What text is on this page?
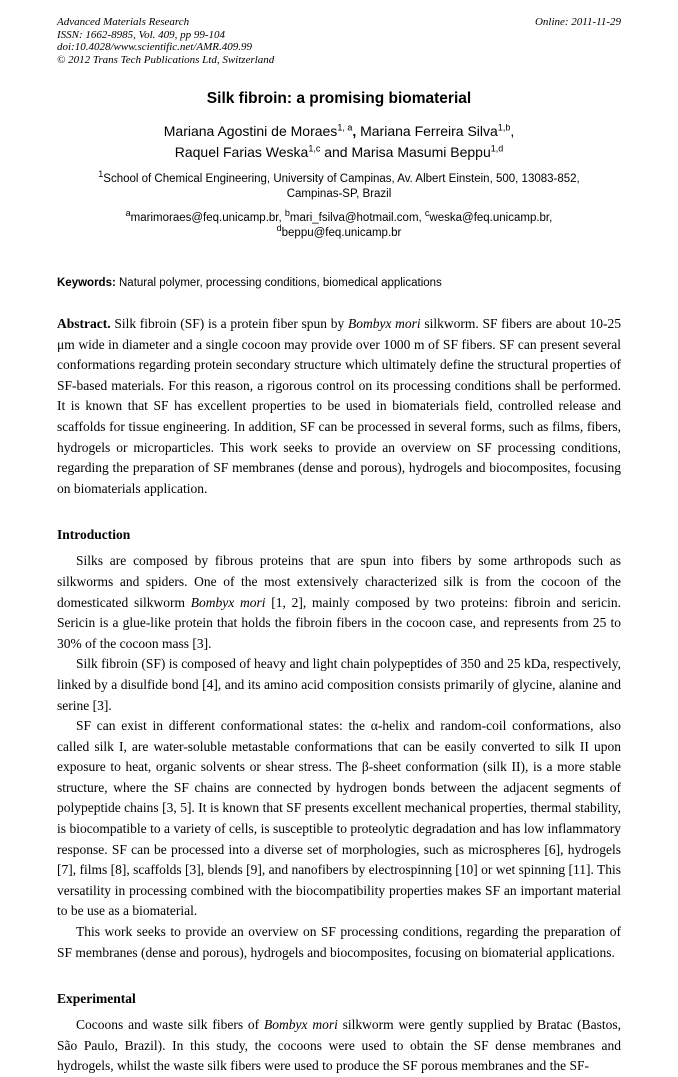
Advanced Materials Research
ISSN: 1662-8985, Vol. 409, pp 99-104
doi:10.4028/www.scientific.net/AMR.409.99
© 2012 Trans Tech Publications Ltd, Switzerland
Online: 2011-11-29
Silk fibroin: a promising biomaterial
Mariana Agostini de Moraes$^{1, a}$, Mariana Ferreira Silva$^{1,b}$,
Raquel Farias Weska$^{1,c}$ and Marisa Masumi Beppu$^{1,d}$
$^1$School of Chemical Engineering, University of Campinas, Av. Albert Einstein, 500, 13083-852,
Campinas-SP, Brazil
$^a$marimoraes@feq.unicamp.br, $^b$mari_fsilva@hotmail.com, $^c$weska@feq.unicamp.br,
$^d$beppu@feq.unicamp.br
Keywords: Natural polymer, processing conditions, biomedical applications
Abstract. Silk fibroin (SF) is a protein fiber spun by Bombyx mori silkworm. SF fibers are about 10-25 μm wide in diameter and a single cocoon may provide over 1000 m of SF fibers. SF can present several conformations regarding protein secondary structure which ultimately define the structural properties of SF-based materials. For this reason, a rigorous control on its processing conditions shall be performed. It is known that SF has excellent properties to be used in biomaterials field, controlled release and scaffolds for tissue engineering. In addition, SF can be processed in several forms, such as films, fibers, hydrogels or microparticles. This work seeks to provide an overview on SF processing conditions, regarding the preparation of SF membranes (dense and porous), hydrogels and biocomposites, focusing on biomaterials application.
Introduction

Silks are composed by fibrous proteins that are spun into fibers by some arthropods such as silkworms and spiders. One of the most extensively characterized silk is from the cocoon of the domesticated silkworm Bombyx mori [1, 2], mainly composed by two proteins: fibroin and sericin. Sericin is a glue-like protein that holds the fibroin fibers in the cocoon case, and represents from 25 to 30% of the cocoon mass [3].

Silk fibroin (SF) is composed of heavy and light chain polypeptides of 350 and 25 kDa, respectively, linked by a disulfide bond [4], and its amino acid composition consists primarily of glycine, alanine and serine [3].

SF can exist in different conformational states: the α-helix and random-coil conformations, also called silk I, are water-soluble metastable conformations that can be easily converted to silk II upon exposure to heat, organic solvents or shear stress. The β-sheet conformation (silk II), is a more stable structure, where the SF chains are connected by hydrogen bonds between the adjacent segments of polypeptide chains [3, 5]. It is known that SF presents excellent mechanical properties, thermal stability, is biocompatible to a variety of cells, is susceptible to proteolytic degradation and has low inflammatory response. SF can be processed into a diverse set of morphologies, such as microspheres [6], hydrogels [7], films [8], scaffolds [3], blends [9], and nanofibers by electrospinning [10] or wet spinning [11]. This versatility in processing combined with the biocompatibility properties makes SF an important material to be use as a biomaterial.

This work seeks to provide an overview on SF processing conditions, regarding the preparation of SF membranes (dense and porous), hydrogels and biocomposites, focusing on biomaterial applications.

Experimental

Cocoons and waste silk fibers of Bombyx mori silkworm were gently supplied by Bratac (Bastos, São Paulo, Brazil). In this study, the cocoons were used to obtain the SF dense membranes and hydrogels, whilst the waste silk fibers were used to produce the SF porous membranes and the SF-
